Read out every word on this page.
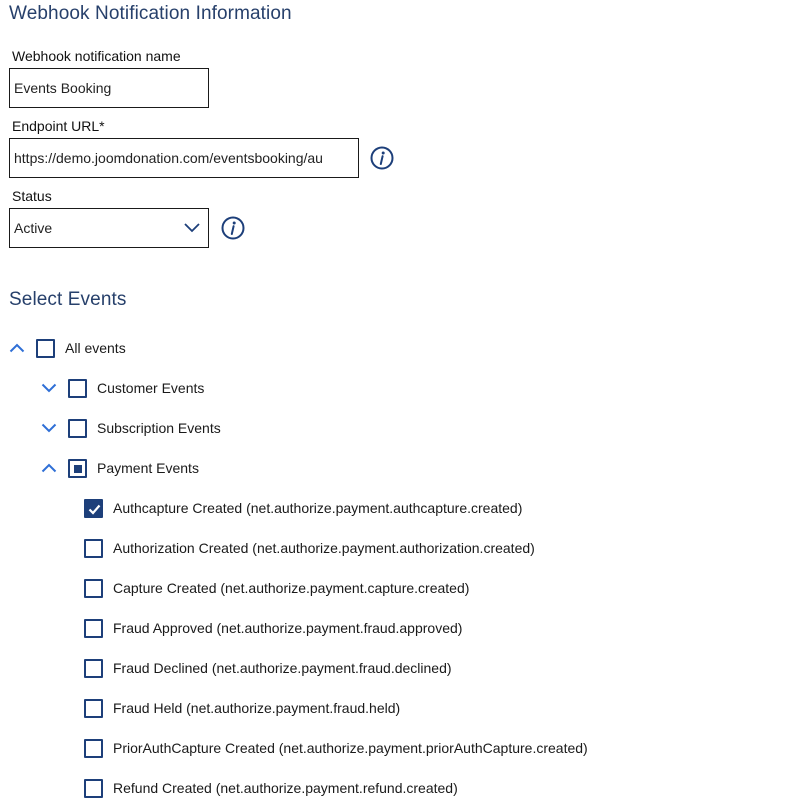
Webhook Notification Information
Webhook notification name
Events Booking
Endpoint URL*
https://demo.joomdonation.com/eventsbooking/au
Status
Active
Select Events
All events
Customer Events
Subscription Events
Payment Events
Authcapture Created (net.authorize.payment.authcapture.created)
Authorization Created (net.authorize.payment.authorization.created)
Capture Created (net.authorize.payment.capture.created)
Fraud Approved (net.authorize.payment.fraud.approved)
Fraud Declined (net.authorize.payment.fraud.declined)
Fraud Held (net.authorize.payment.fraud.held)
PriorAuthCapture Created (net.authorize.payment.priorAuthCapture.created)
Refund Created (net.authorize.payment.refund.created)
